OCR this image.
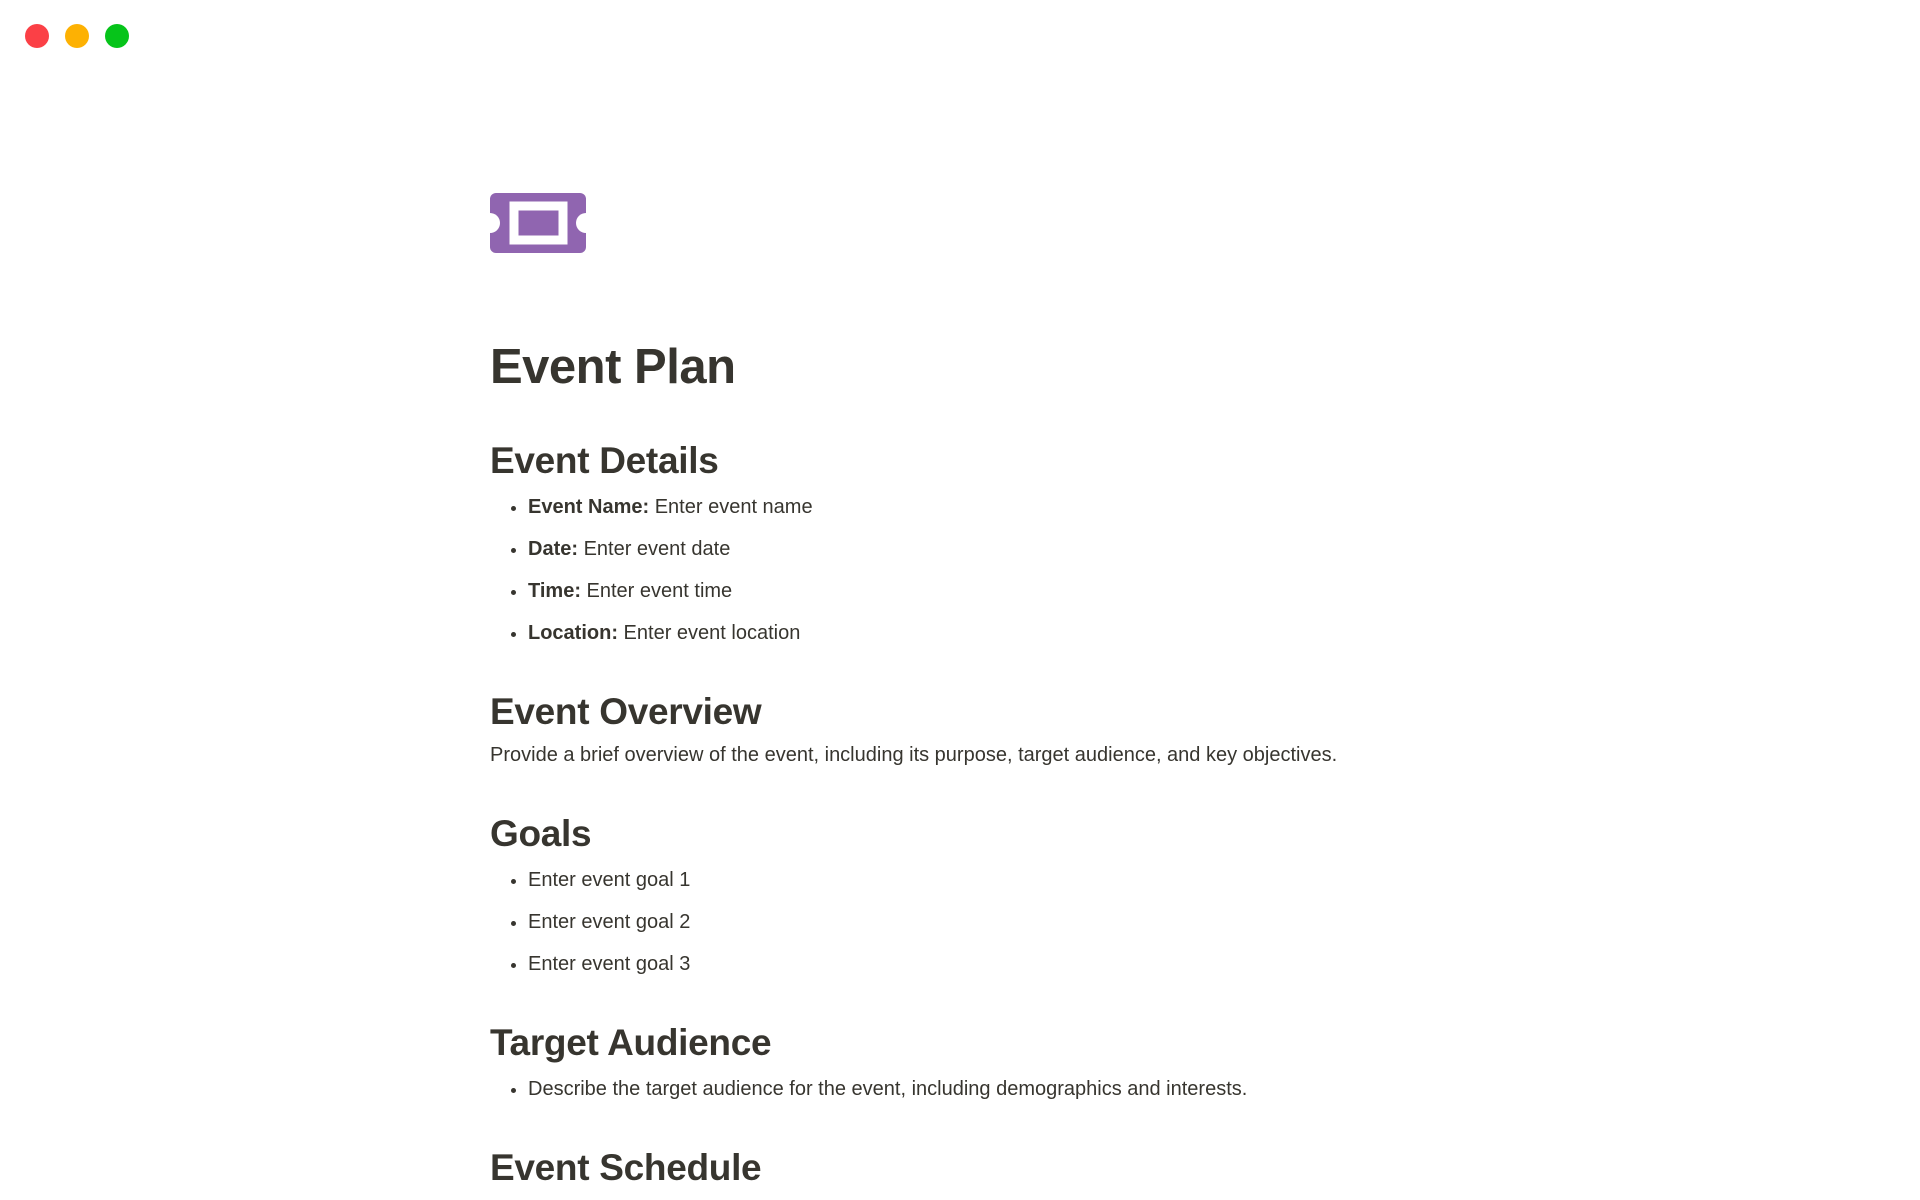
Event Plan
Event Details
• Event Name: Enter event name
• Date: Enter event date
• Time: Enter event time
• Location: Enter event location
Event Overview

Provide a brief overview of the event, including its purpose, target audience, and key objectives.

Goals
• Enter event goal 1
• Enter event goal 2
• Enter event goal 3
Target Audience
• Describe the target audience for the event, including demographics and interests.
Event Schedule
